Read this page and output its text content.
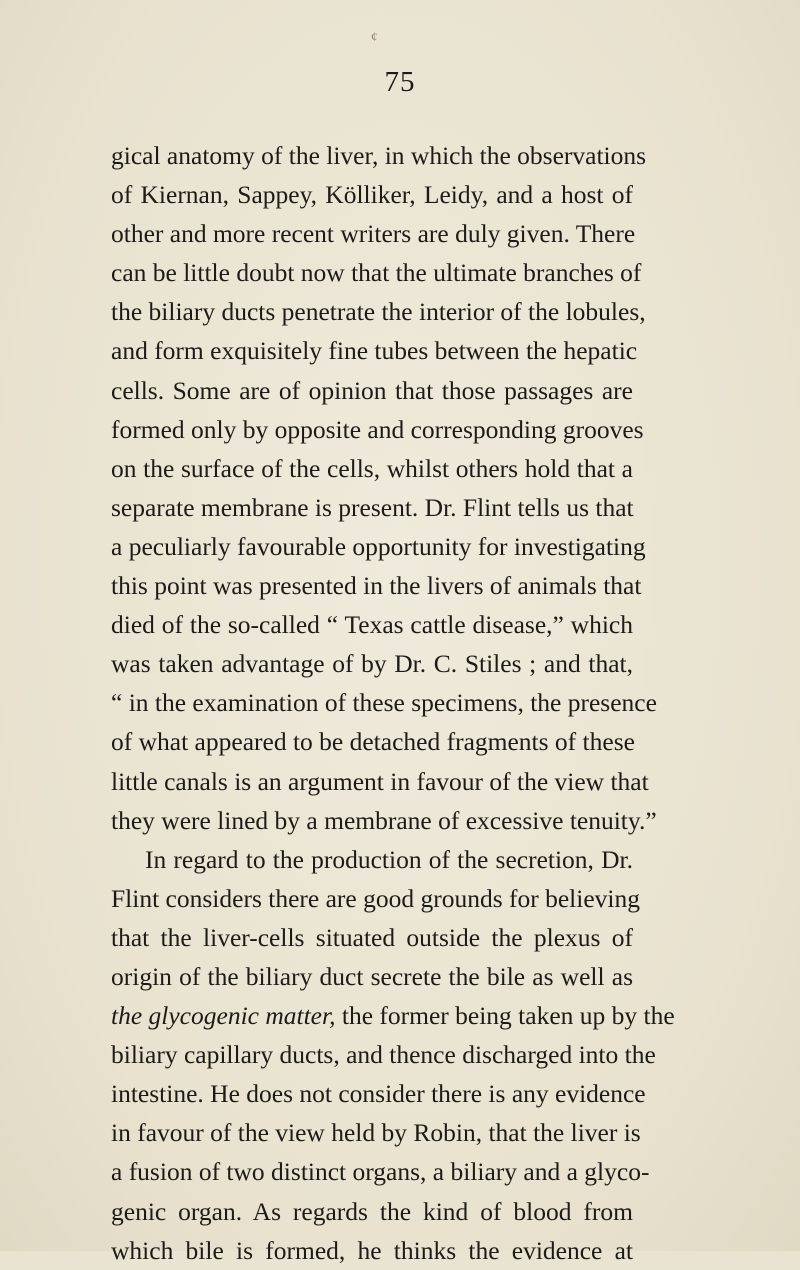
¢
75
gical anatomy of the liver, in which the observations
of Kiernan, Sappey, Kölliker, Leidy, and a host of
other and more recent writers are duly given. There
can be little doubt now that the ultimate branches of
the biliary ducts penetrate the interior of the lobules,
and form exquisitely fine tubes between the hepatic
cells. Some are of opinion that those passages are
formed only by opposite and corresponding grooves
on the surface of the cells, whilst others hold that a
separate membrane is present. Dr. Flint tells us that
a peculiarly favourable opportunity for investigating
this point was presented in the livers of animals that
died of the so-called “ Texas cattle disease,” which
was taken advantage of by Dr. C. Stiles ; and that,
“ in the examination of these specimens, the presence
of what appeared to be detached fragments of these
little canals is an argument in favour of the view that
they were lined by a membrane of excessive tenuity.”
In regard to the production of the secretion, Dr.
Flint considers there are good grounds for believing
that the liver-cells situated outside the plexus of
origin of the biliary duct secrete the bile as well as
the glycogenic matter, the former being taken up by the
biliary capillary ducts, and thence discharged into the
intestine. He does not consider there is any evidence
in favour of the view held by Robin, that the liver is
a fusion of two distinct organs, a biliary and a glyco-
genic organ. As regards the kind of blood from
which bile is formed, he thinks the evidence at
